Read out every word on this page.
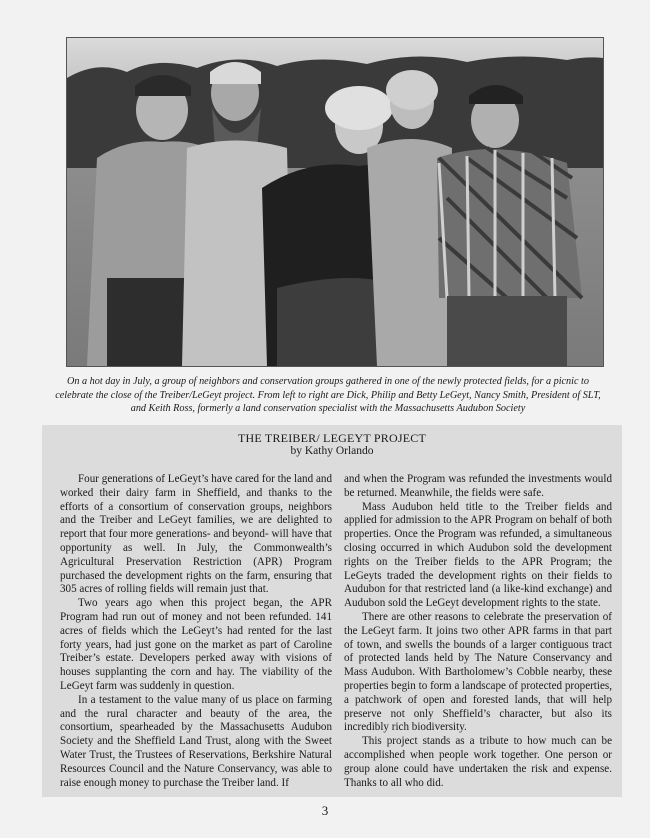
On a hot day in July, a group of neighbors and conservation groups gathered in one of the newly protected fields, for a picnic to celebrate the close of the Treiber/LeGeyt project. From left to right are Dick, Philip and Betty LeGeyt, Nancy Smith, President of SLT, and Keith Ross, formerly a land conservation specialist with the Massachusetts Audubon Society
THE TREIBER/ LEGEYT PROJECT
by Kathy Orlando

Four generations of LeGeyt’s have cared for the land and worked their dairy farm in Sheffield, and thanks to the efforts of a consortium of conservation groups, neighbors and the Treiber and LeGeyt families, we are delighted to report that four more generations- and beyond- will have that opportunity as well. In July, the Commonwealth’s Agricultural Preservation Restriction (APR) Program purchased the development rights on the farm, ensuring that 305 acres of rolling fields will remain just that.

Two years ago when this project began, the APR Program had run out of money and not been refunded. 141 acres of fields which the LeGeyt’s had rented for the last forty years, had just gone on the market as part of Caroline Treiber’s estate. Developers perked away with visions of houses supplanting the corn and hay. The viability of the LeGeyt farm was suddenly in question.

In a testament to the value many of us place on farming and the rural character and beauty of the area, the consortium, spearheaded by the Massachusetts Audubon Society and the Sheffield Land Trust, along with the Sweet Water Trust, the Trustees of Reservations, Berkshire Natural Resources Council and the Nature Conservancy, was able to raise enough money to purchase the Treiber land. If

and when the Program was refunded the investments would be returned. Meanwhile, the fields were safe.

Mass Audubon held title to the Treiber fields and applied for admission to the APR Program on behalf of both properties. Once the Program was refunded, a simultaneous closing occurred in which Audubon sold the development rights on the Treiber fields to the APR Program; the LeGeyts traded the development rights on their fields to Audubon for that restricted land (a like-kind exchange) and Audubon sold the LeGeyt development rights to the state.

There are other reasons to celebrate the preservation of the LeGeyt farm. It joins two other APR farms in that part of town, and swells the bounds of a larger contiguous tract of protected lands held by The Nature Conservancy and Mass Audubon. With Bartholomew’s Cobble nearby, these properties begin to form a landscape of protected properties, a patchwork of open and forested lands, that will help preserve not only Sheffield’s character, but also its incredibly rich biodiversity.

This project stands as a tribute to how much can be accomplished when people work together. One person or group alone could have undertaken the risk and expense. Thanks to all who did.

3
